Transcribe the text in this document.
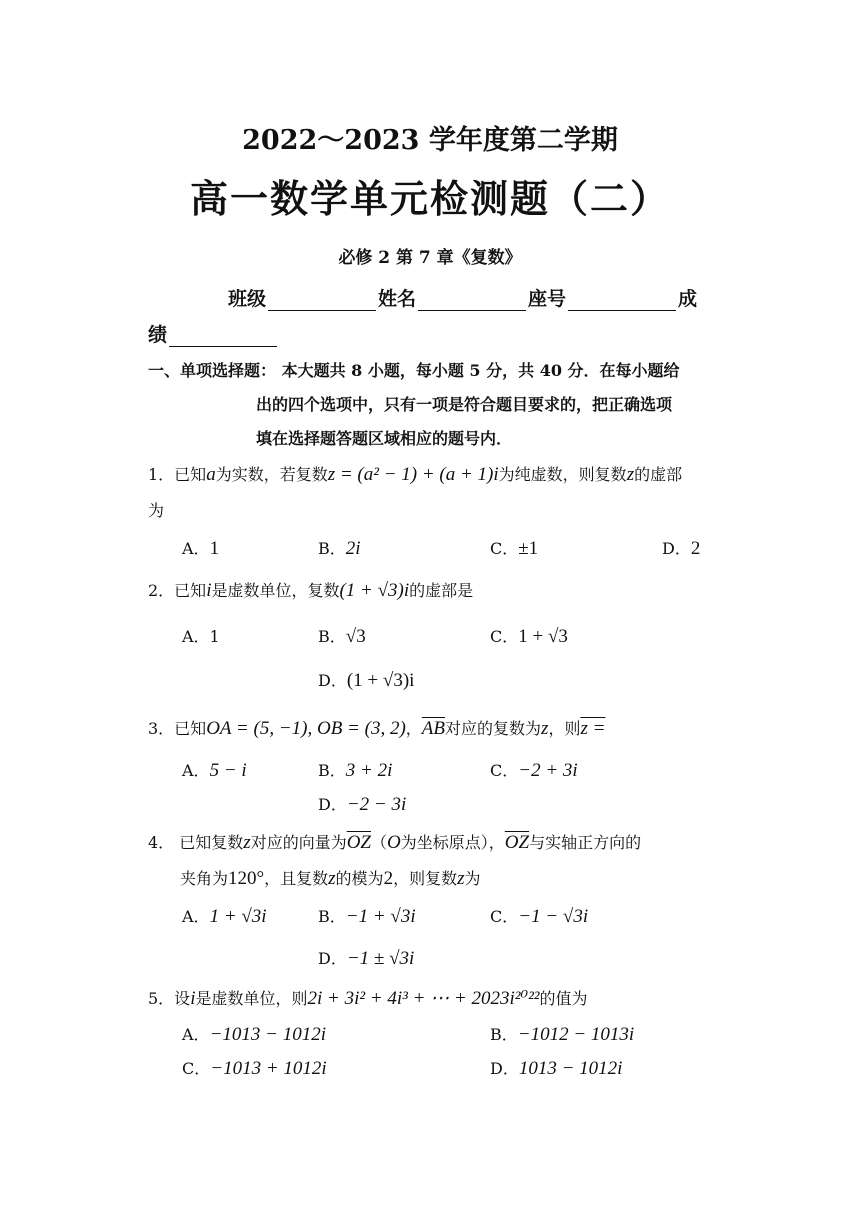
2022～2023 学年度第二学期
高一数学单元检测题（二）
必修 2 第 7 章《复数》
班级	姓名	座号	成
绩
一、单项选择题： 本大题共 8 小题，每小题 5 分，共 40 分．在每小题给
出的四个选项中，只有一项是符合题目要求的，把正确选项
填在选择题答题区域相应的题号内．
1．已知a为实数，若复数z = (a² − 1) + (a + 1)i为纯虚数，则复数z的虚部
为
A．1	B．2i	C．±1	D．2
2．已知i是虚数单位，复数(1 + √3)i的虚部是
A．1	B．√3	C．1 + √3
D．(1 + √3)i
3．已知OA = (5, −1), OB = (3, 2)，$\overline{AB}$对应的复数为z，则z =
A．5 − i	B．3 + 2i	C．−2 + 3i
D．−2 − 3i
4． 已知复数z对应的向量为$\overline{OZ}(O$为坐标原点），$\overline{OZ}$与实轴正方向的
夹角为120°，且复数z的模为2，则复数z为
A．1 + √3i	B．−1 + √3i	C．−1 − √3i
D．−1 ± √3i
5．设i是虚数单位，则2i + 3i² + 4i³ + ⋯ + 2023i²⁰²²的值为
A．−1013 − 1012i	B．−1012 − 1013i
C．−1013 + 1012i	D．1013 − 1012i
